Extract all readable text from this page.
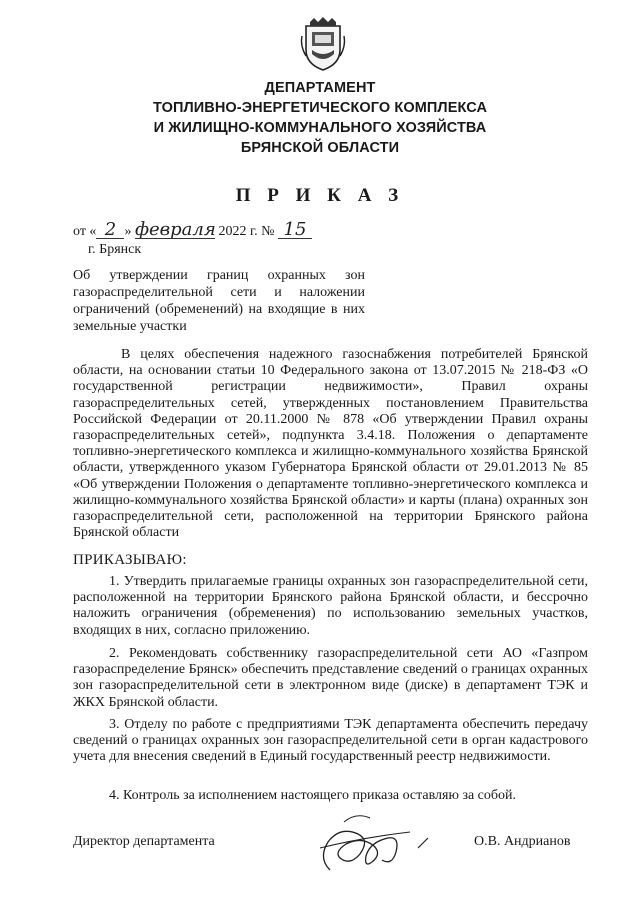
ДЕПАРТАМЕНТ
ТОПЛИВНО-ЭНЕРГЕТИЧЕСКОГО КОМПЛЕКСА
И ЖИЛИЩНО-КОММУНАЛЬНОГО ХОЗЯЙСТВА
БРЯНСКОЙ ОБЛАСТИ
П Р И К А З
от « 2 » февраля 2022 г. № 15
г. Брянск
Об утверждении границ охранных зон газораспределительной сети и наложении ограничений (обременений) на входящие в них земельные участки
В целях обеспечения надежного газоснабжения потребителей Брянской области, на основании статьи 10 Федерального закона от 13.07.2015 № 218-ФЗ «О государственной регистрации недвижимости», Правил охраны газораспределительных сетей, утвержденных постановлением Правительства Российской Федерации от 20.11.2000 № 878 «Об утверждении Правил охраны газораспределительных сетей», подпункта 3.4.18. Положения о департаменте топливно-энергетического комплекса и жилищно-коммунального хозяйства Брянской области, утвержденного указом Губернатора Брянской области от 29.01.2013 № 85 «Об утверждении Положения о департаменте топливно-энергетического комплекса и жилищно-коммунального хозяйства Брянской области» и карты (плана) охранных зон газораспределительной сети, расположенной на территории Брянского района Брянской области
ПРИКАЗЫВАЮ:
1. Утвердить прилагаемые границы охранных зон газораспределительной сети, расположенной на территории Брянского района Брянской области, и бессрочно наложить ограничения (обременения) по использованию земельных участков, входящих в них, согласно приложению.
2. Рекомендовать собственнику газораспределительной сети АО «Газпром газораспределение Брянск» обеспечить представление сведений о границах охранных зон газораспределительной сети в электронном виде (диске) в департамент ТЭК и ЖКХ Брянской области.
3. Отделу по работе с предприятиями ТЭК департамента обеспечить передачу сведений о границах охранных зон газораспределительной сети в орган кадастрового учета для внесения сведений в Единый государственный реестр недвижимости.
4. Контроль за исполнением настоящего приказа оставляю за собой.
Директор департамента	О.В. Андрианов
